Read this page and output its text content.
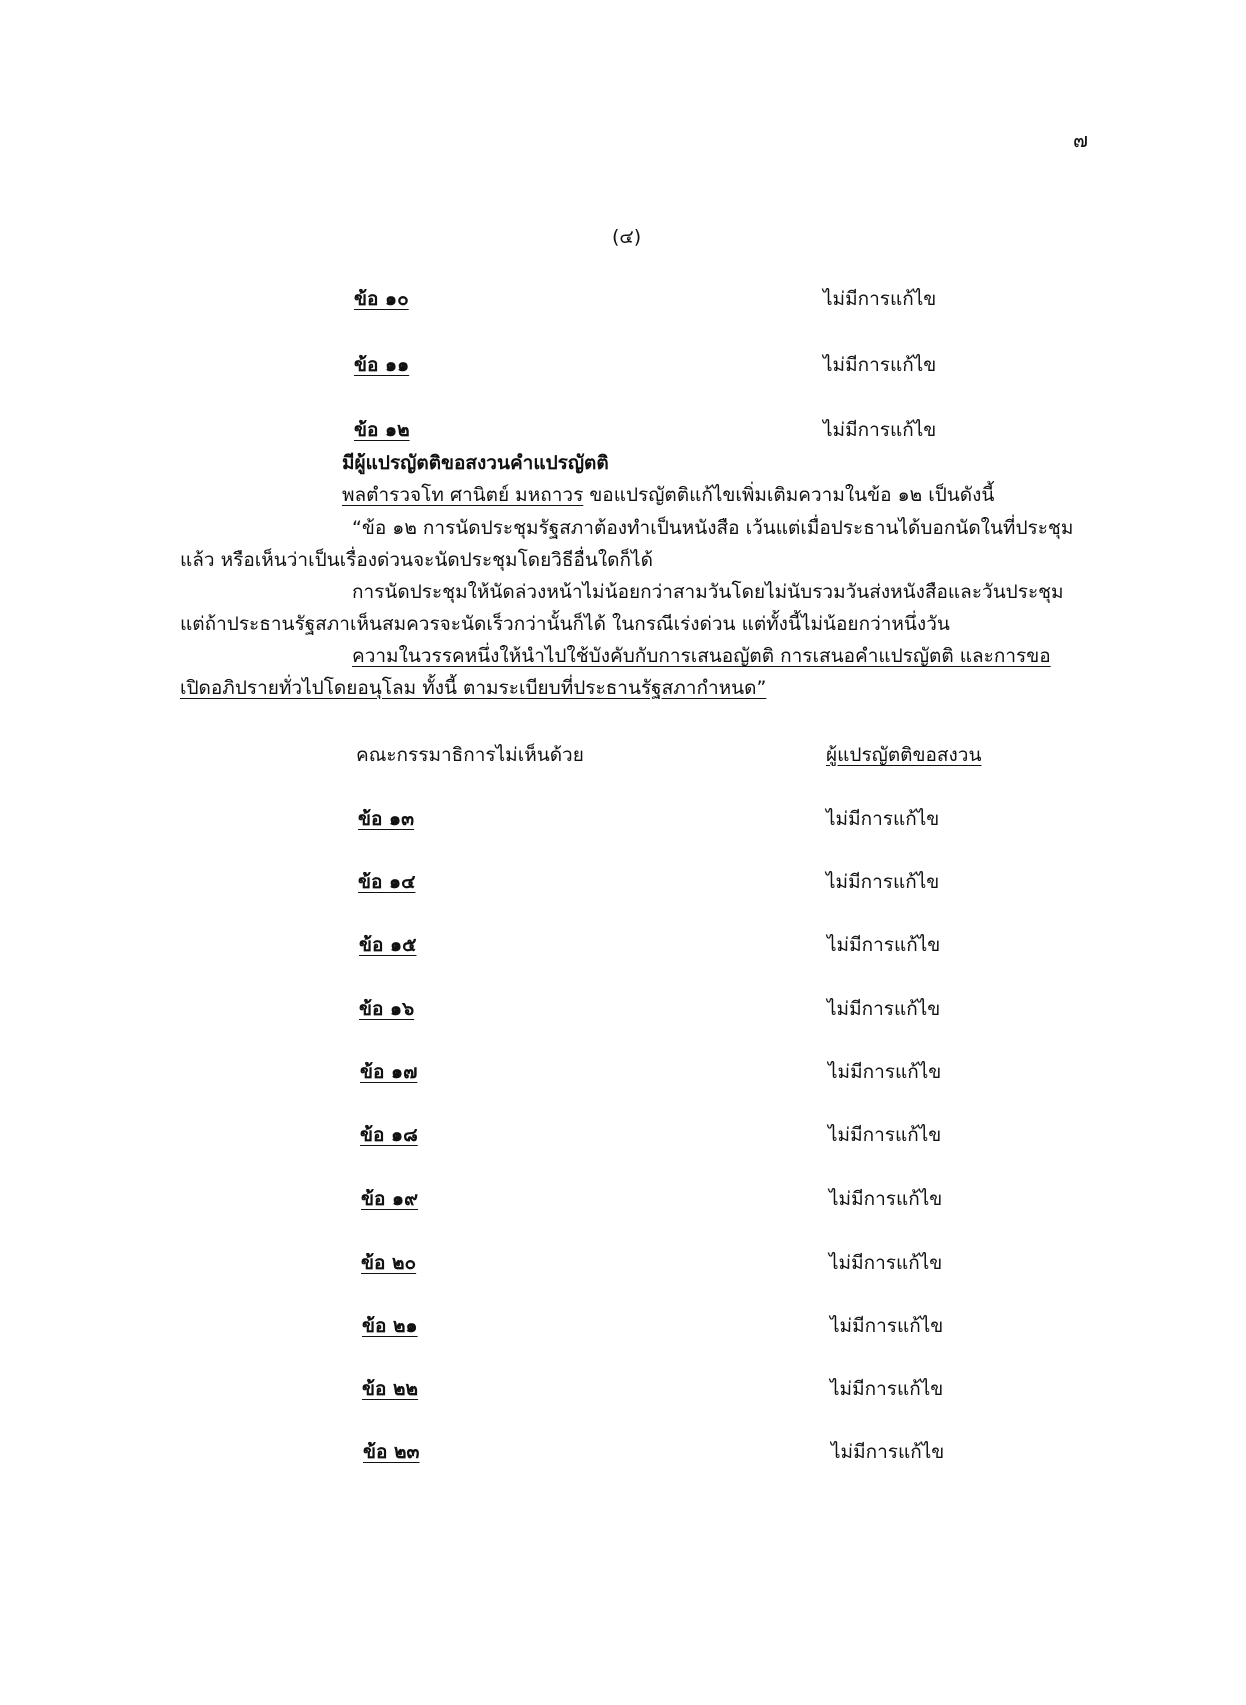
๗
(๔)
ข้อ ๑๐	ไม่มีการแก้ไข
ข้อ ๑๑	ไม่มีการแก้ไข
ข้อ ๑๒	ไม่มีการแก้ไข
มีผู้แปรญัตติขอสงวนคำแปรญัตติ
พลตำรวจโท ศานิตย์ มหถาวร ขอแปรญัตติแก้ไขเพิ่มเติมความในข้อ ๑๒ เป็นดังนี้
“ข้อ ๑๒ การนัดประชุมรัฐสภาต้องทำเป็นหนังสือ เว้นแต่เมื่อประธานได้บอกนัดในที่ประชุมแล้ว หรือเห็นว่าเป็นเรื่องด่วนจะนัดประชุมโดยวิธีอื่นใดก็ได้
การนัดประชุมให้นัดล่วงหน้าไม่น้อยกว่าสามวันโดยไม่นับรวมวันส่งหนังสือและวันประชุม แต่ถ้าประธานรัฐสภาเห็นสมควรจะนัดเร็วกว่านั้นก็ได้ ในกรณีเร่งด่วน แต่ทั้งนี้ไม่น้อยกว่าหนึ่งวัน
ความในวรรคหนึ่งให้นำไปใช้บังคับกับการเสนอญัตติ การเสนอคำแปรญัตติ และการขอเปิดอภิปรายทั่วไปโดยอนุโลม ทั้งนี้ ตามระเบียบที่ประธานรัฐสภากำหนด”
คณะกรรมาธิการไม่เห็นด้วย	ผู้แปรญัตติขอสงวน
ข้อ ๑๓	ไม่มีการแก้ไข
ข้อ ๑๔	ไม่มีการแก้ไข
ข้อ ๑๕	ไม่มีการแก้ไข
ข้อ ๑๖	ไม่มีการแก้ไข
ข้อ ๑๗	ไม่มีการแก้ไข
ข้อ ๑๘	ไม่มีการแก้ไข
ข้อ ๑๙	ไม่มีการแก้ไข
ข้อ ๒๐	ไม่มีการแก้ไข
ข้อ ๒๑	ไม่มีการแก้ไข
ข้อ ๒๒	ไม่มีการแก้ไข
ข้อ ๒๓	ไม่มีการแก้ไข
